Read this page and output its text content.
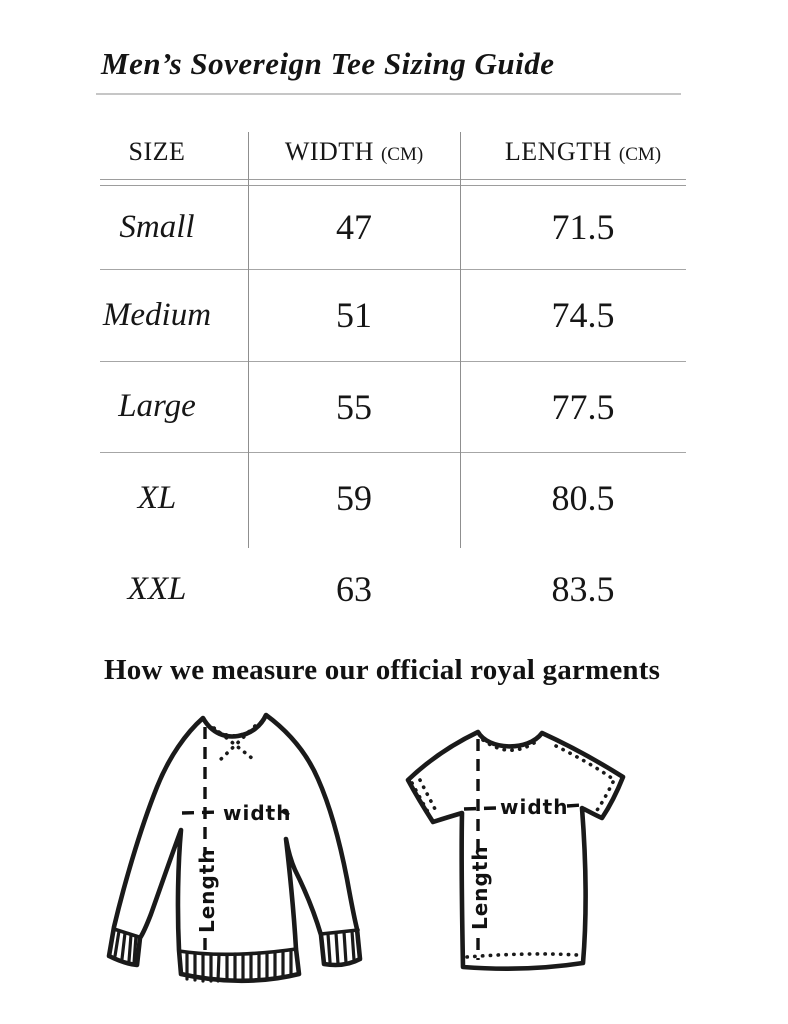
Men’s Sovereign Tee Sizing Guide
SIZE	WIDTH (CM)	LENGTH (CM)

Small	47	71.5
Medium	51	74.5
Large	55	77.5
XL	59	80.5
XXL	63	83.5
How we measure our official royal garments
width
Length
width
Length
